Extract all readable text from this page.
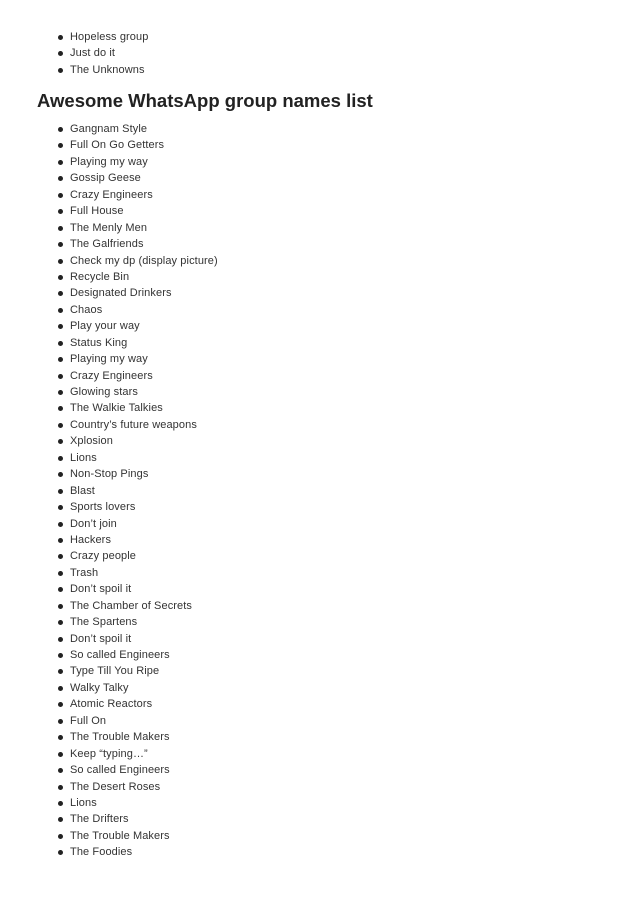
Hopeless group
Just do it
The Unknowns
Awesome WhatsApp group names list
Gangnam Style
Full On Go Getters
Playing my way
Gossip Geese
Crazy Engineers
Full House
The Menly Men
The Galfriends
Check my dp (display picture)
Recycle Bin
Designated Drinkers
Chaos
Play your way
Status King
Playing my way
Crazy Engineers
Glowing stars
The Walkie Talkies
Country’s future weapons
Xplosion
Lions
Non-Stop Pings
Blast
Sports lovers
Don’t join
Hackers
Crazy people
Trash
Don’t spoil it
The Chamber of Secrets
The Spartens
Don’t spoil it
So called Engineers
Type Till You Ripe
Walky Talky
Atomic Reactors
Full On
The Trouble Makers
Keep “typing…”
So called Engineers
The Desert Roses
Lions
The Drifters
The Trouble Makers
The Foodies
